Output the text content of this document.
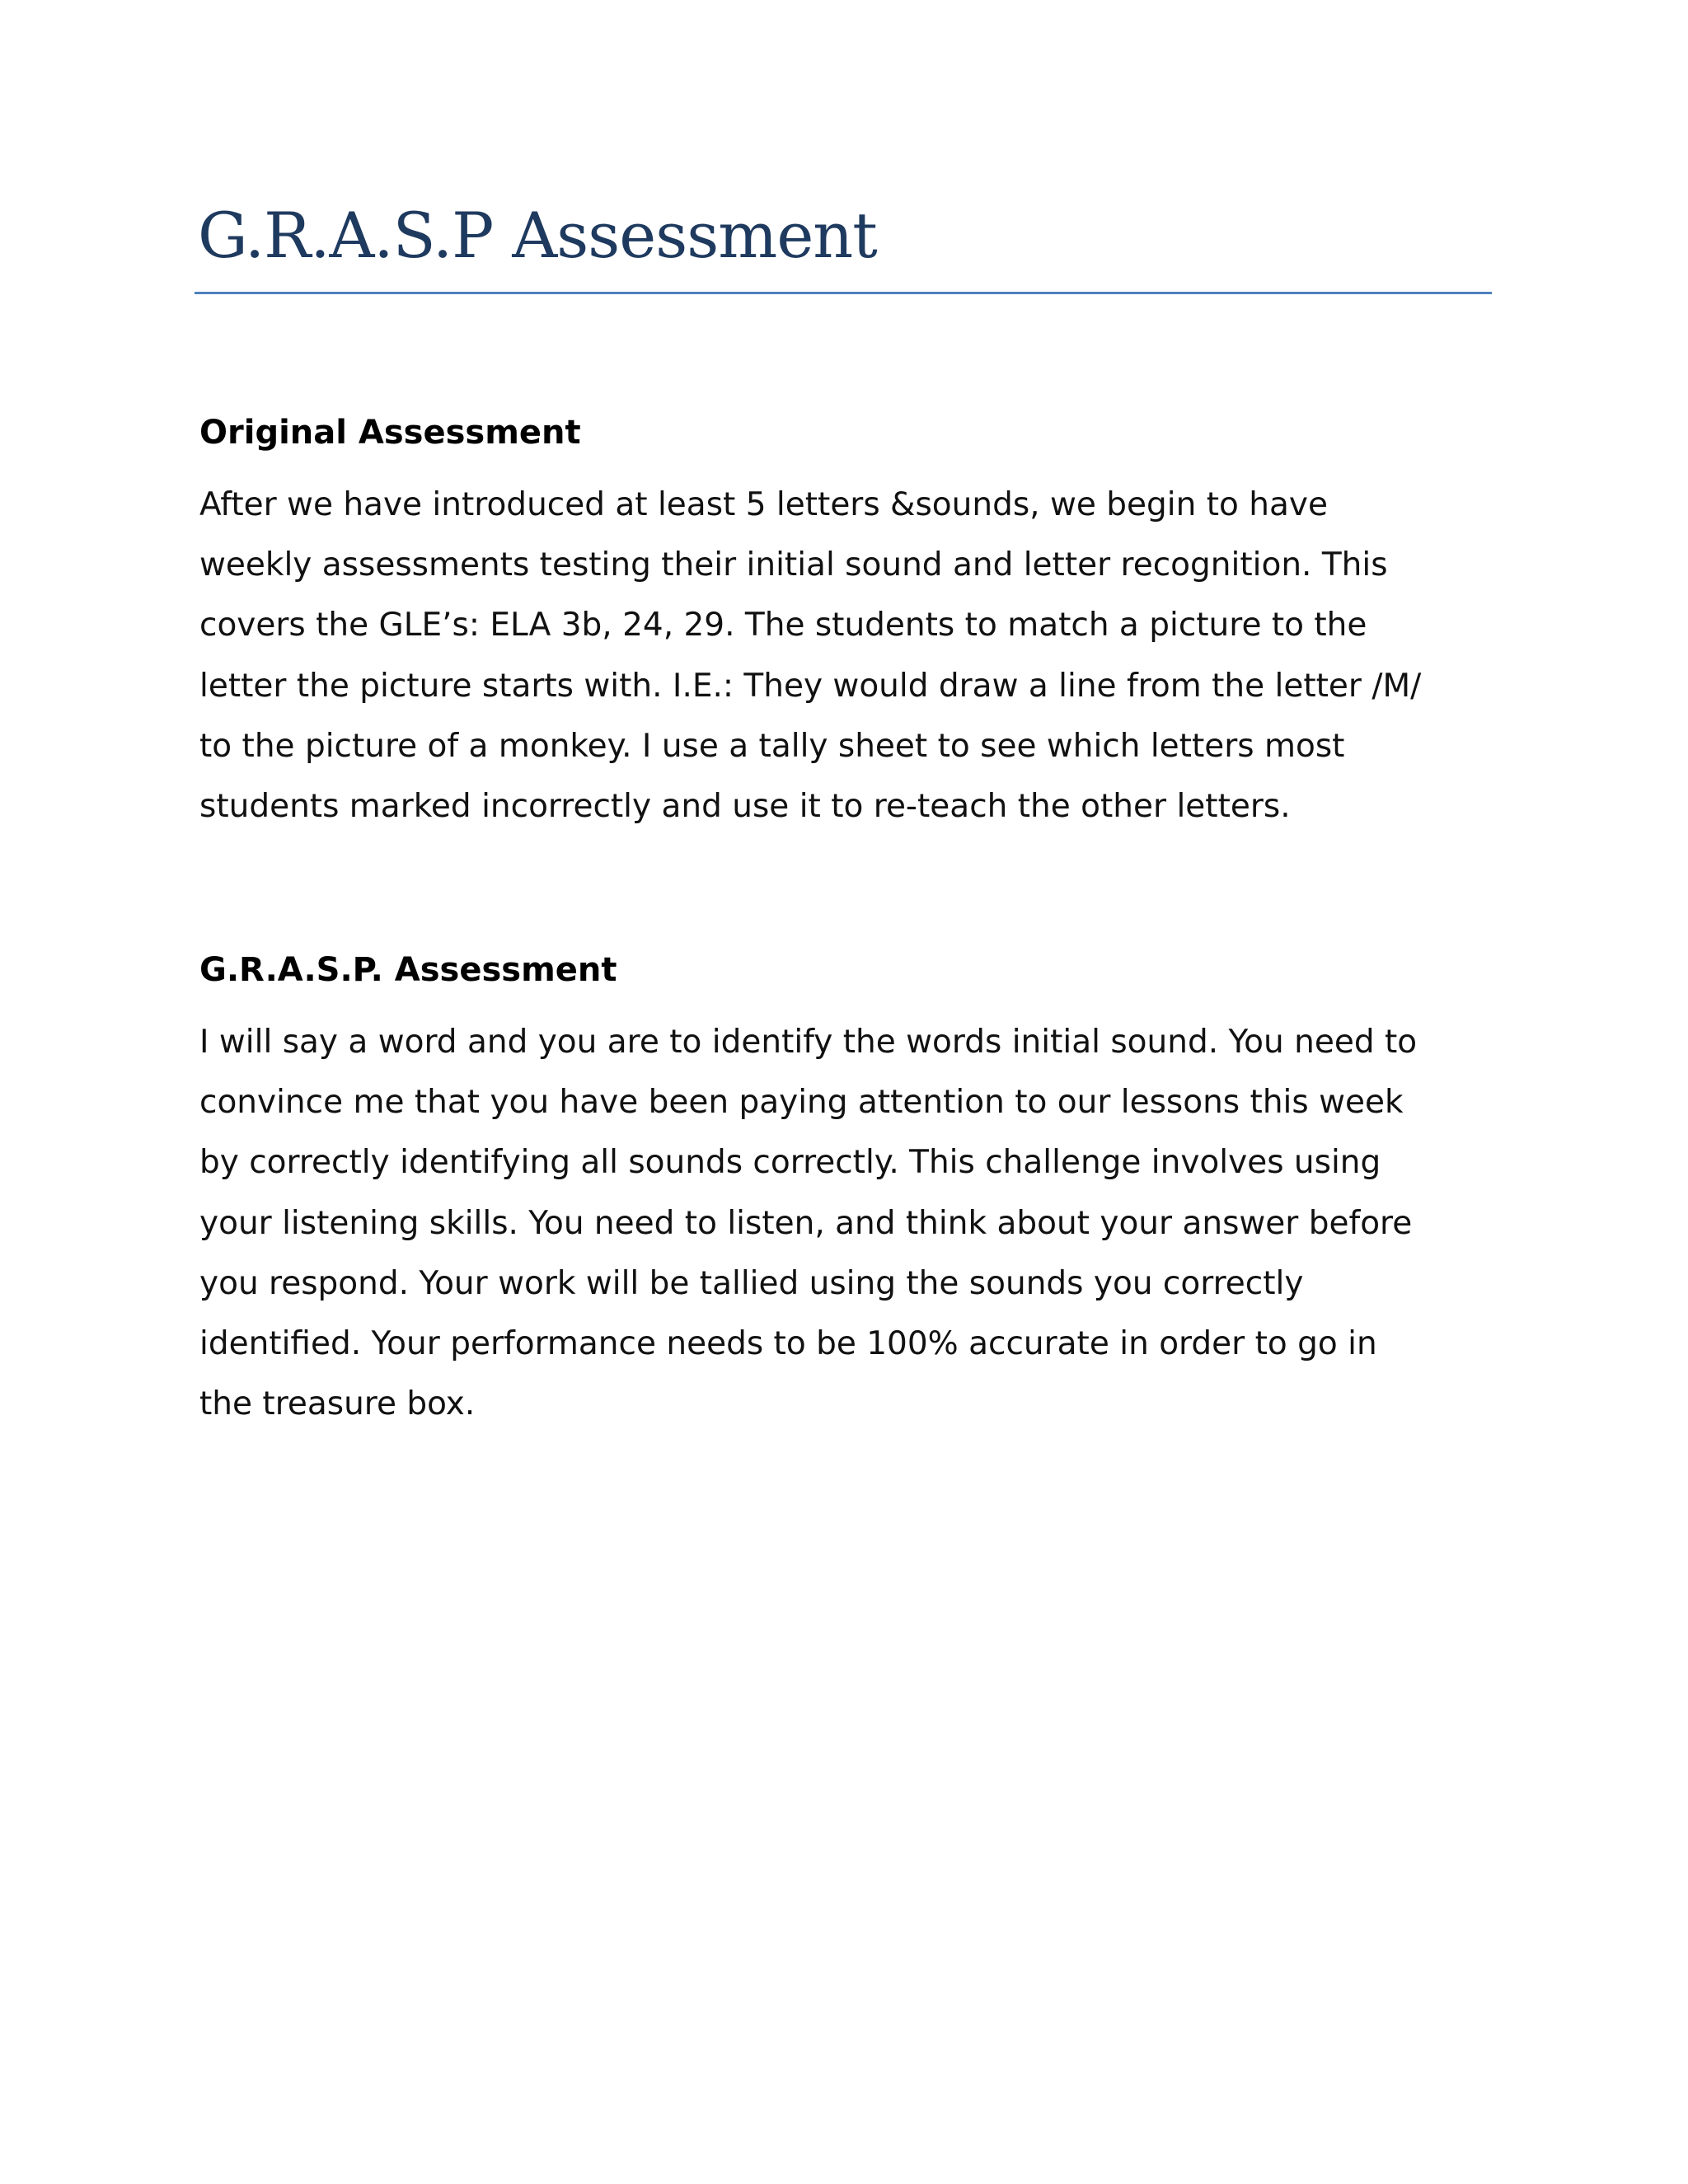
G.R.A.S.P Assessment
Original Assessment

After we have introduced at least 5 letters &sounds, we begin to have
weekly assessments testing their initial sound and letter recognition. This
covers the GLE’s: ELA 3b, 24, 29. The students to match a picture to the
letter the picture starts with. I.E.: They would draw a line from the letter /M/
to the picture of a monkey. I use a tally sheet to see which letters most
students marked incorrectly and use it to re-teach the other letters.

G.R.A.S.P. Assessment

I will say a word and you are to identify the words initial sound. You need to
convince me that you have been paying attention to our lessons this week
by correctly identifying all sounds correctly. This challenge involves using
your listening skills. You need to listen, and think about your answer before
you respond. Your work will be tallied using the sounds you correctly
identified. Your performance needs to be 100% accurate in order to go in
the treasure box.
